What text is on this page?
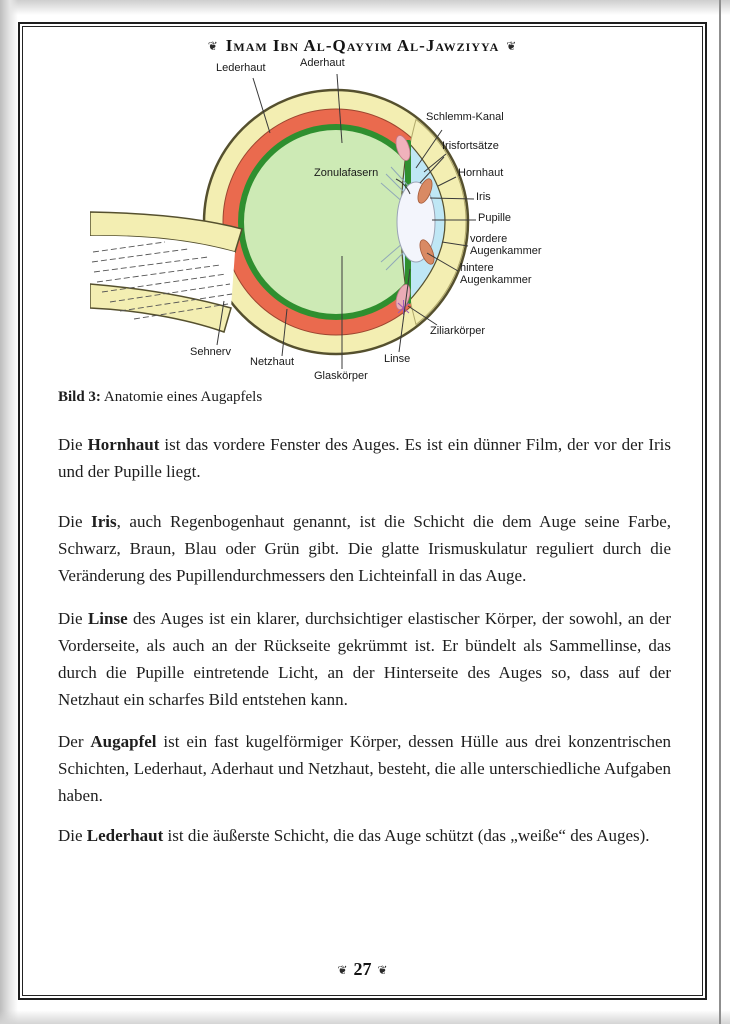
❦ Imam Ibn Al-Qayyim Al-Jawziyya ❦
Lederhaut	Aderhaut
Schlemm-Kanal
Irisfortsätze
Hornhaut
Zonulafasern
Iris
Pupille
vordere Augenkammer
hintere Augenkammer
Ziliarkörper
Linse
Glaskörper
Netzhaut
Sehnerv
Bild 3: Anatomie eines Augapfels

Die Hornhaut ist das vordere Fenster des Auges. Es ist ein dünner Film, der vor der Iris und der Pupille liegt.

Die Iris, auch Regenbogenhaut genannt, ist die Schicht die dem Auge seine Farbe, Schwarz, Braun, Blau oder Grün gibt. Die glatte Irismuskulatur reguliert durch die Veränderung des Pupillendurchmessers den Lichteinfall in das Auge.

Die Linse des Auges ist ein klarer, durchsichtiger elastischer Körper, der sowohl, an der Vorderseite, als auch an der Rückseite gekrümmt ist. Er bündelt als Sammellinse, das durch die Pupille eintretende Licht, an der Hinterseite des Auges so, dass auf der Netzhaut ein scharfes Bild entstehen kann.

Der Augapfel ist ein fast kugelförmiger Körper, dessen Hülle aus drei konzentrischen Schichten, Lederhaut, Aderhaut und Netzhaut, besteht, die alle unterschiedliche Aufgaben haben.

Die Lederhaut ist die äußerste Schicht, die das Auge schützt (das „weiße“ des Auges).

❦ 27 ❦
